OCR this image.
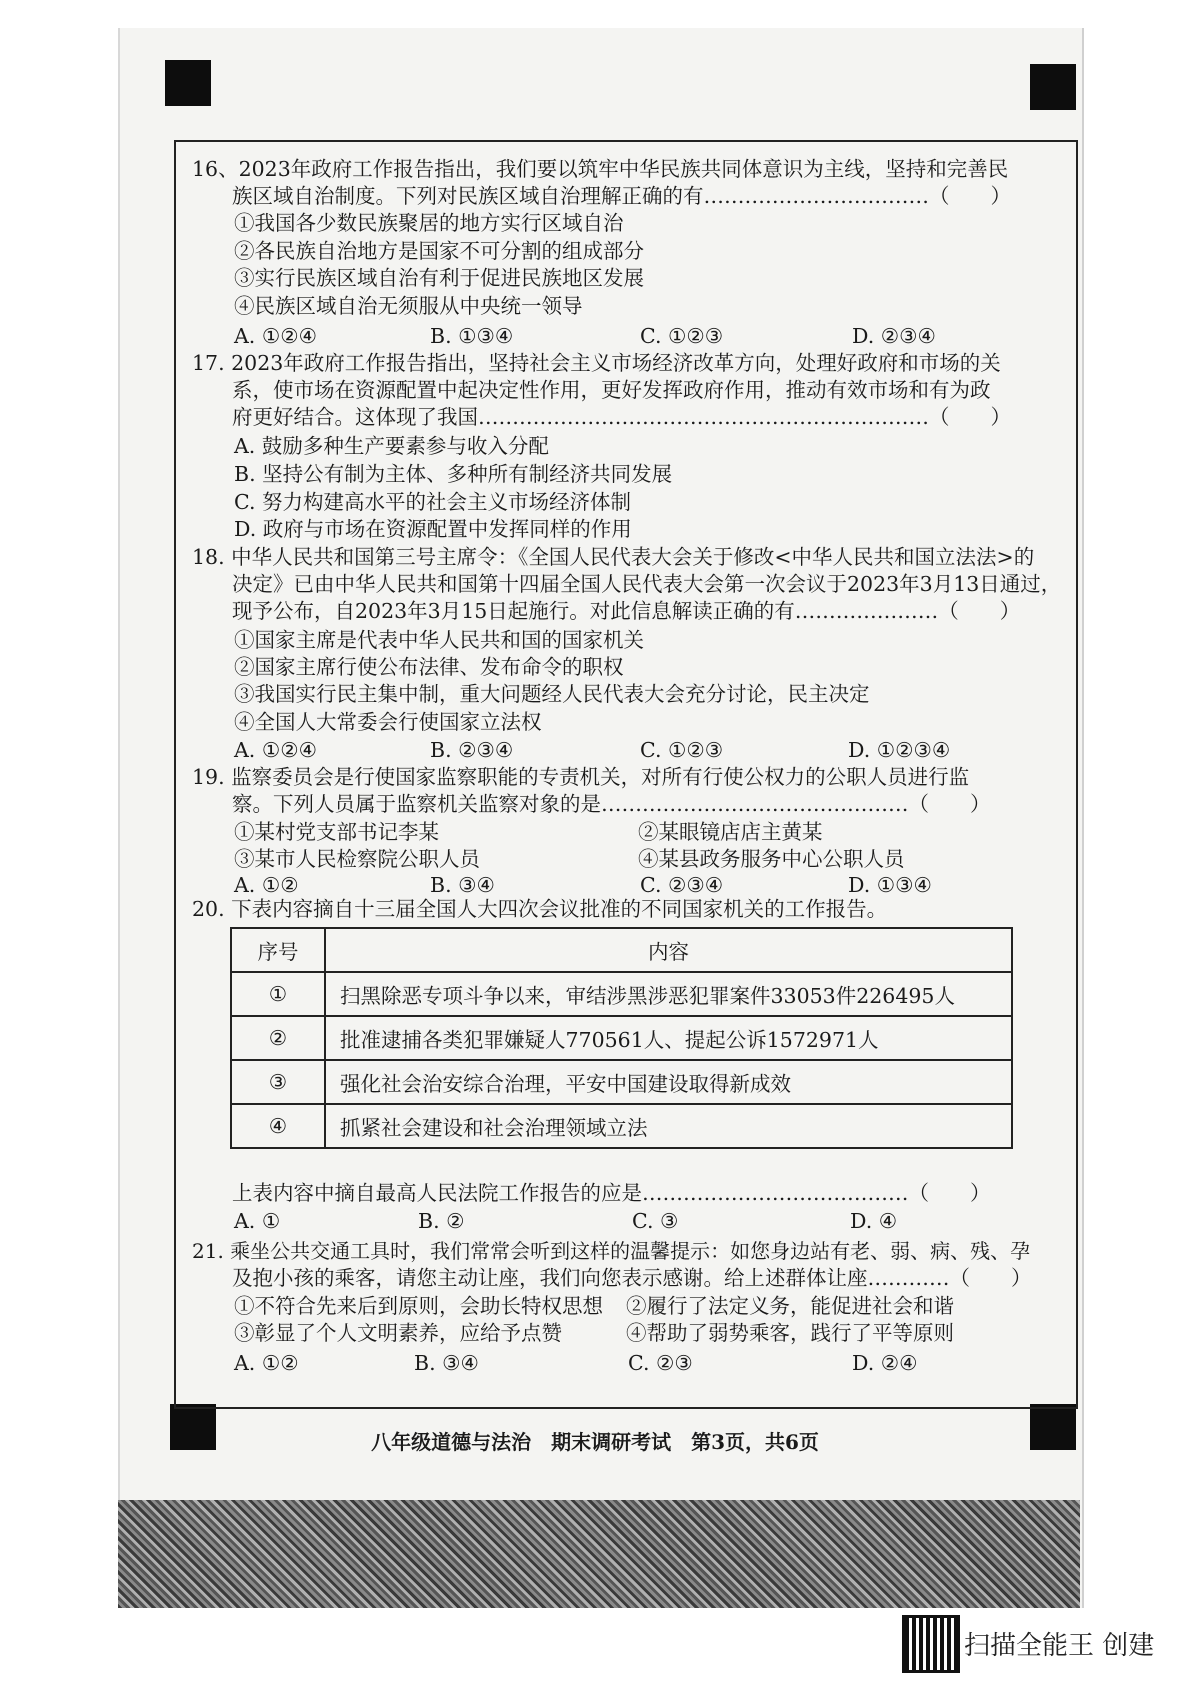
16、2023年政府工作报告指出，我们要以筑牢中华民族共同体意识为主线，坚持和完善民
族区域自治制度。下列对民族区域自治理解正确的有……………………………（　　）
①我国各少数民族聚居的地方实行区域自治
②各民族自治地方是国家不可分割的组成部分
③实行民族区域自治有利于促进民族地区发展
④民族区域自治无须服从中央统一领导
A. ①②④	B. ①③④	C. ①②③	D. ②③④
17. 2023年政府工作报告指出，坚持社会主义市场经济改革方向，处理好政府和市场的关
系，使市场在资源配置中起决定性作用，更好发挥政府作用，推动有效市场和有为政
府更好结合。这体现了我国…………………………………………………………（　　）
A. 鼓励多种生产要素参与收入分配
B. 坚持公有制为主体、多种所有制经济共同发展
C. 努力构建高水平的社会主义市场经济体制
D. 政府与市场在资源配置中发挥同样的作用
18. 中华人民共和国第三号主席令：《全国人民代表大会关于修改<中华人民共和国立法法>的
决定》已由中华人民共和国第十四届全国人民代表大会第一次会议于2023年3月13日通过，
现予公布，自2023年3月15日起施行。对此信息解读正确的有…………………（　　）
①国家主席是代表中华人民共和国的国家机关
②国家主席行使公布法律、发布命令的职权
③我国实行民主集中制，重大问题经人民代表大会充分讨论，民主决定
④全国人大常委会行使国家立法权
A. ①②④	B. ②③④	C. ①②③	D. ①②③④
19. 监察委员会是行使国家监察职能的专责机关，对所有行使公权力的公职人员进行监
察。下列人员属于监察机关监察对象的是………………………………………（　　）
①某村党支部书记李某	②某眼镜店店主黄某
③某市人民检察院公职人员	④某县政务服务中心公职人员
A. ①②	B. ③④	C. ②③④	D. ①③④
20. 下表内容摘自十三届全国人大四次会议批准的不同国家机关的工作报告。
序号	内容
①	扫黑除恶专项斗争以来，审结涉黑涉恶犯罪案件33053件226495人
②	批准逮捕各类犯罪嫌疑人770561人、提起公诉1572971人
③	强化社会治安综合治理，平安中国建设取得新成效
④	抓紧社会建设和社会治理领域立法
上表内容中摘自最高人民法院工作报告的应是…………………………………（　　）
A. ①	B. ②	C. ③	D. ④
21. 乘坐公共交通工具时，我们常常会听到这样的温馨提示：如您身边站有老、弱、病、残、孕
及抱小孩的乘客，请您主动让座，我们向您表示感谢。给上述群体让座…………（　　）
①不符合先来后到原则，会助长特权思想 ②履行了法定义务，能促进社会和谐
③彰显了个人文明素养，应给予点赞	④帮助了弱势乘客，践行了平等原则
A. ①②	B. ③④	C. ②③	D. ②④
八年级道德与法治　期末调研考试　第3页，共6页
扫描全能王 创建
